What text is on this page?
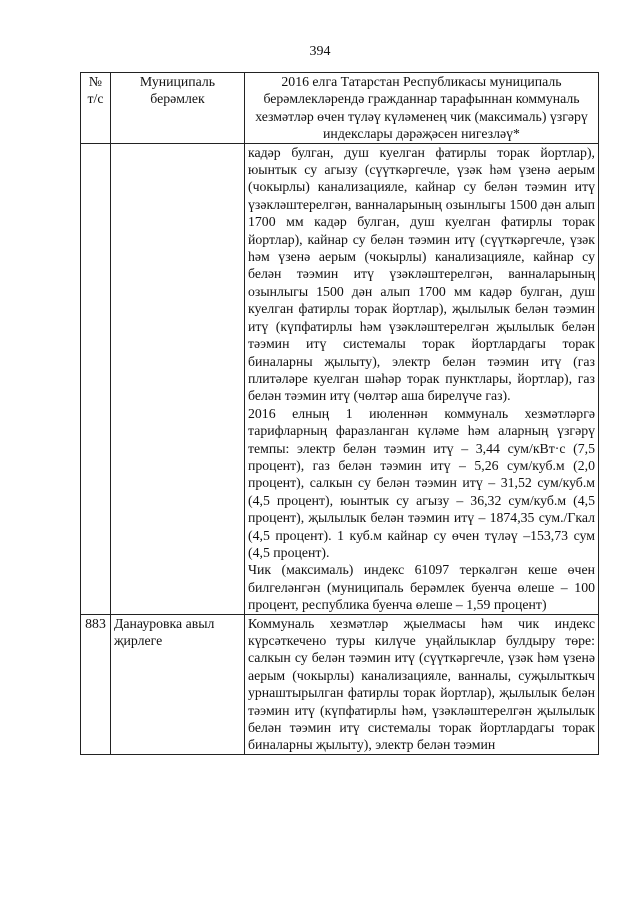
394
№ т/с	Муниципаль берәмлек	2016 елга Татарстан Республикасы муниципаль берәмлекләрендә гражданнар тарафыннан коммуналь хезмәтләр өчен түләү күләменең чик (максималь) үзгәрү индекслары дәрәҗәсен нигезләү*

		кадәр булган, душ куелган фатирлы торак йортлар), юынтык су агызу (сүүткәргечле, үзәк һәм үзенә аерым (чокырлы) канализацияле, кайнар су белән тәэмин итү үзәкләштерелгән, ванналарының озынлыгы 1500 дән алып 1700 мм кадәр булган, душ куелган фатирлы торак йортлар), кайнар су белән тәэмин итү (сүүткәргечле, үзәк һәм үзенә аерым (чокырлы) канализацияле, кайнар су белән тәэмин итү үзәкләштерелгән, ванналарының озынлыгы 1500 дән алып 1700 мм кадәр булган, душ куелган фатирлы торак йортлар), җылылык белән тәэмин итү (күпфатирлы һәм үзәкләштерелгән җылылык белән тәэмин итү системалы торак йортлардагы торак биналарны җылыту), электр белән тәэмин итү (газ плитәләре куелган шәһәр торак пунктлары, йортлар), газ белән тәэмин итү (чөлтәр аша бирелүче газ).

2016 елның 1 июленнән коммуналь хезмәтләргә тарифларның фаразланган күләме һәм аларның үзгәрү темпы: электр белән тәэмин итү – 3,44 сум/кВт·с (7,5 процент), газ белән тәэмин итү – 5,26 сум/куб.м (2,0 процент), салкын су белән тәэмин итү – 31,52 сум/куб.м (4,5 процент), юынтык су агызу – 36,32 сум/куб.м (4,5 процент), җылылык белән тәэмин итү – 1874,35 сум./Гкал (4,5 процент). 1 куб.м кайнар су өчен түләү –153,73 сум (4,5 процент).

Чик (максималь) индекс 61097 теркәлгән кеше өчен билгеләнгән (муниципаль берәмлек буенча өлеше – 100 процент, республика буенча өлеше – 1,59 процент)

883	Данауровка авыл җирлеге	Коммуналь хезмәтләр җыелмасы һәм чик индекс күрсәткечено туры килүче уңайлыклар булдыру төре: салкын су белән тәэмин итү (сүүткәргечле, үзәк һәм үзенә аерым (чокырлы) канализацияле, ванналы, суҗылыткыч урнаштырылган фатирлы торак йортлар), җылылык белән тәэмин итү (күпфатирлы һәм, үзәкләштерелгән җылылык белән тәэмин итү системалы торак йортлардагы торак биналарны җылыту), электр белән тәэмин
